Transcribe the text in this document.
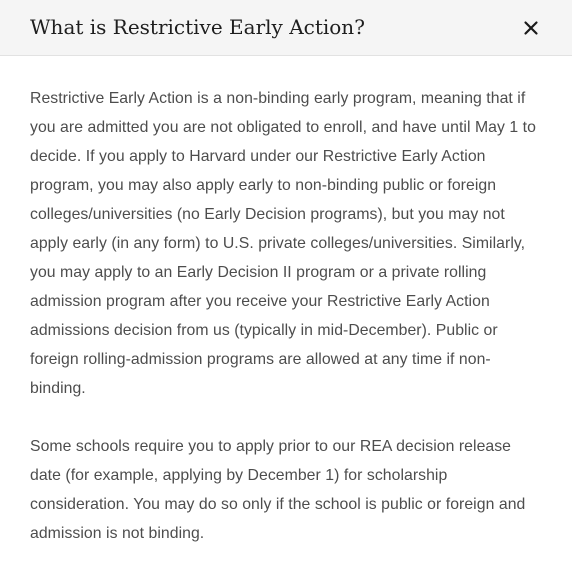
What is Restrictive Early Action?

Restrictive Early Action is a non-binding early program, meaning that if you are admitted you are not obligated to enroll, and have until May 1 to decide. If you apply to Harvard under our Restrictive Early Action program, you may also apply early to non-binding public or foreign colleges/universities (no Early Decision programs), but you may not apply early (in any form) to U.S. private colleges/universities. Similarly, you may apply to an Early Decision II program or a private rolling admission program after you receive your Restrictive Early Action admissions decision from us (typically in mid-December). Public or foreign rolling-admission programs are allowed at any time if non-binding.

Some schools require you to apply prior to our REA decision release date (for example, applying by December 1) for scholarship consideration. You may do so only if the school is public or foreign and admission is not binding.
